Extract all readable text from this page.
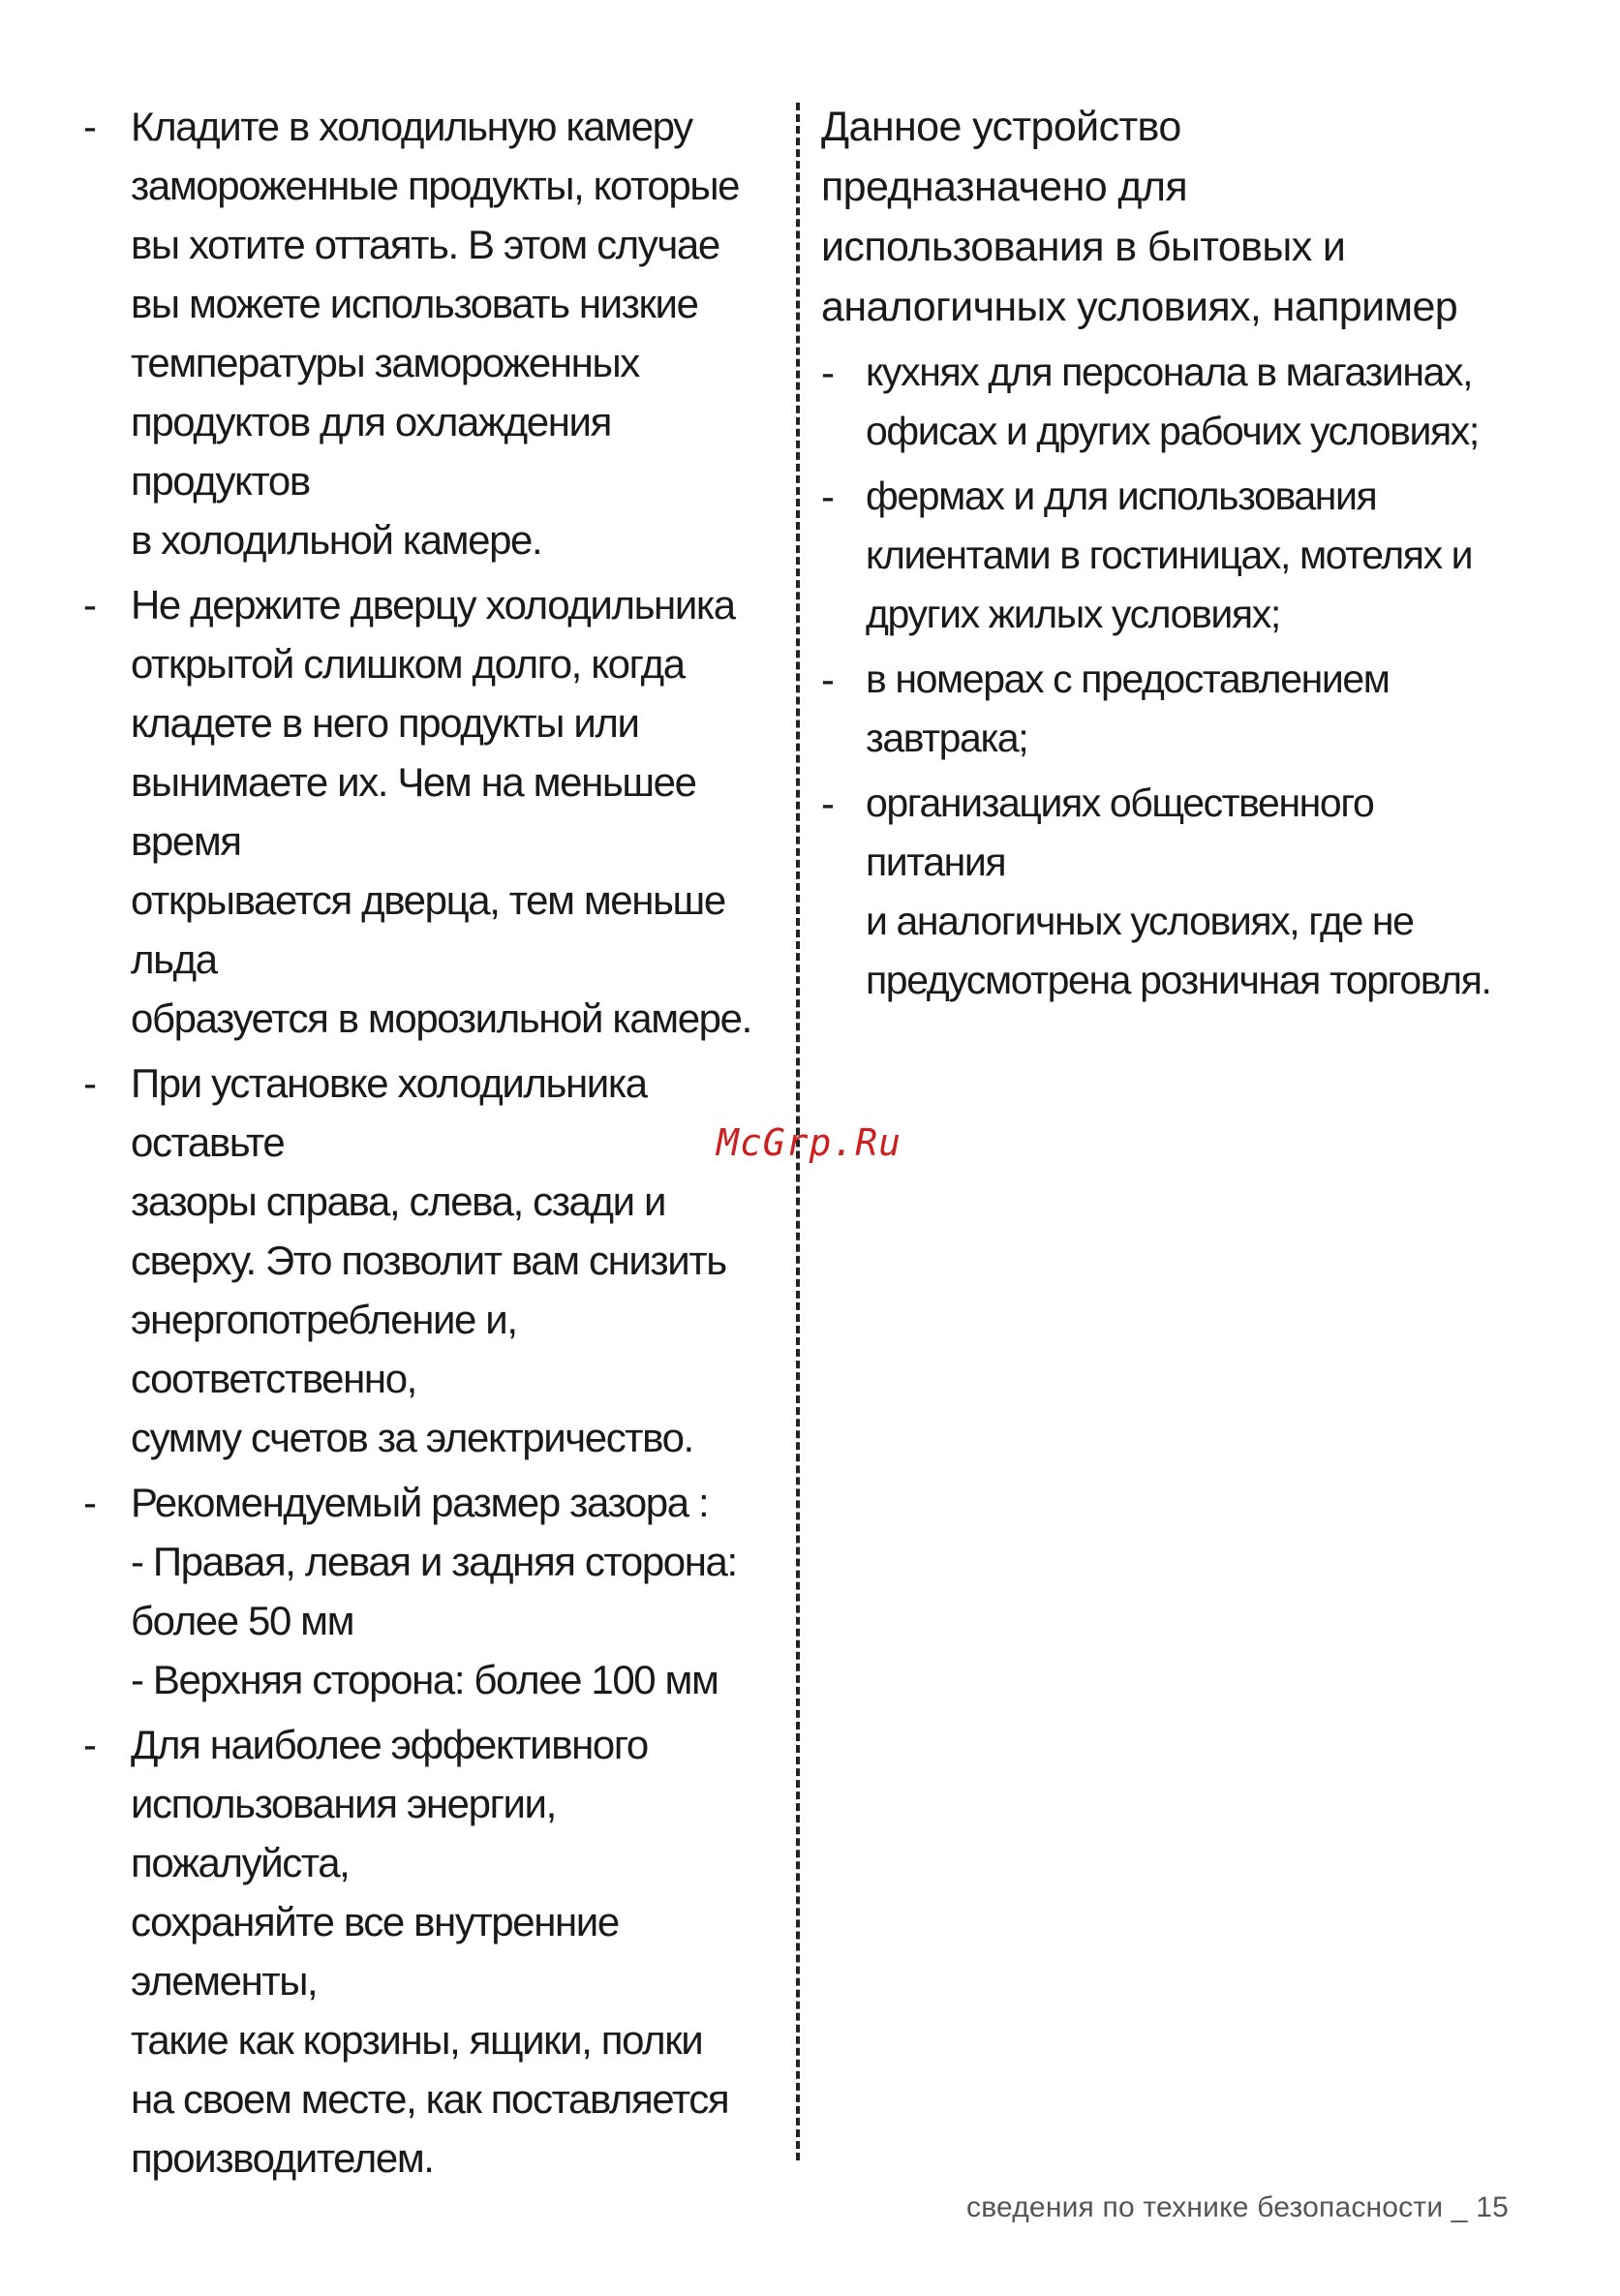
- Кладите в холодильную камеру
замороженные продукты, которые
вы хотите оттаять. В этом случае
вы можете использовать низкие
температуры замороженных
продуктов для охлаждения продуктов
в холодильной камере.
- Не держите дверцу холодильника
открытой слишком долго, когда
кладете в него продукты или
вынимаете их. Чем на меньшее время
открывается дверца, тем меньше льда
образуется в морозильной камере.
- При установке холодильника оставьте
зазоры справа, слева, сзади и
сверху. Это позволит вам снизить
энергопотребление и, соответственно,
сумму счетов за электричество.
- Рекомендуемый размер зазора :
- Правая, левая и задняя сторона:
более 50 мм
- Верхняя сторона: более 100 мм
- Для наиболее эффективного
использования энергии, пожалуйста,
сохраняйте все внутренние элементы,
такие как корзины, ящики, полки
на своем месте, как поставляется
производителем.
Данное устройство
предназначено для
использования в бытовых и
аналогичных условиях, например
- кухнях для персонала в магазинах,
офисах и других рабочих условиях;
- фермах и для использования
клиентами в гостиницах, мотелях и
других жилых условиях;
- в номерах с предоставлением
завтрака;
- организациях общественного питания
и аналогичных условиях, где не
предусмотрена розничная торговля.
McGrp.Ru
сведения по технике безопасности _ 15
